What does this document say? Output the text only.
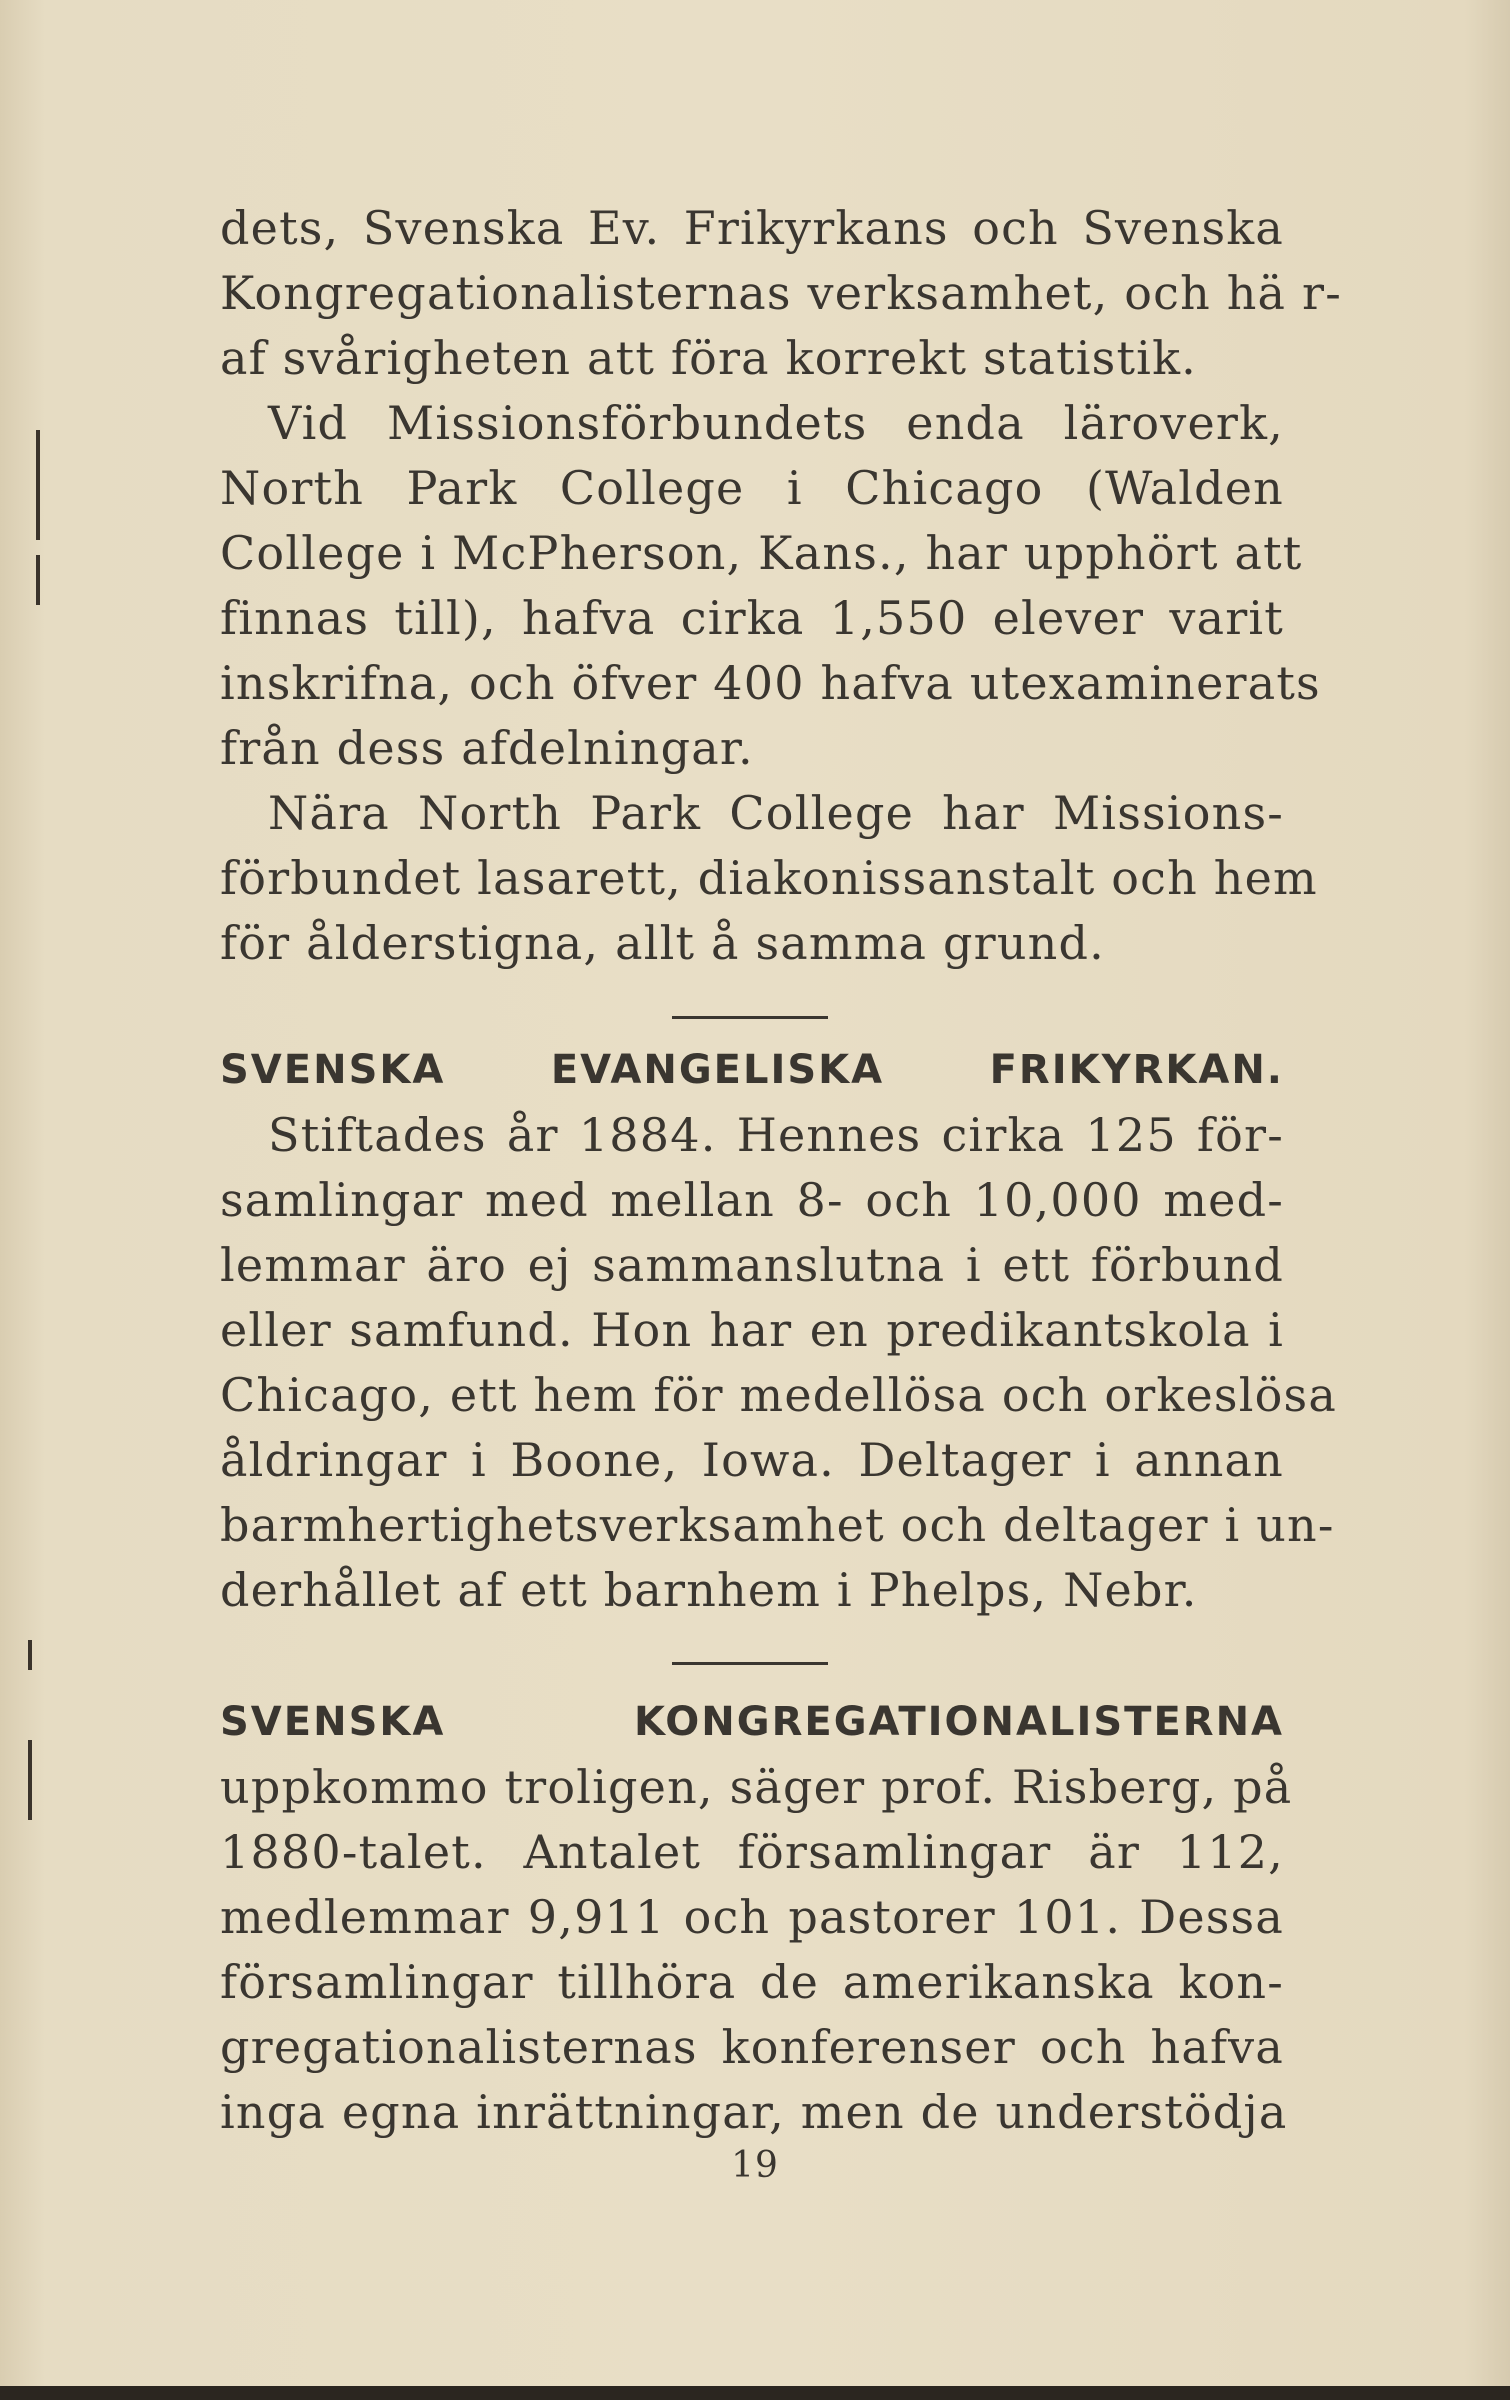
dets, Svenska Ev. Frikyrkans och Svenska
Kongregationalisternas verksamhet, och hä r-
af svårigheten att föra korrekt statistik.
Vid Missionsförbundets enda läroverk,
North Park College i Chicago (Walden
College i McPherson, Kans., har upphört att
finnas till), hafva cirka 1,550 elever varit
inskrifna, och öfver 400 hafva utexaminerats
från dess afdelningar.
Nära North Park College har Missions-
förbundet lasarett, diakonissanstalt och hem
för ålderstigna, allt å samma grund.
SVENSKA EVANGELISKA FRIKYRKAN.
Stiftades år 1884. Hennes cirka 125 för-
samlingar med mellan 8- och 10,000 med-
lemmar äro ej sammanslutna i ett förbund
eller samfund. Hon har en predikantskola i
Chicago, ett hem för medellösa och orkeslösa
åldringar i Boone, Iowa. Deltager i annan
barmhertighetsverksamhet och deltager i un-
derhållet af ett barnhem i Phelps, Nebr.
SVENSKA KONGREGATIONALISTERNA
uppkommo troligen, säger prof. Risberg, på
1880-talet. Antalet församlingar är 112,
medlemmar 9,911 och pastorer 101. Dessa
församlingar tillhöra de amerikanska kon-
gregationalisternas konferenser och hafva
inga egna inrättningar, men de understödja
19
